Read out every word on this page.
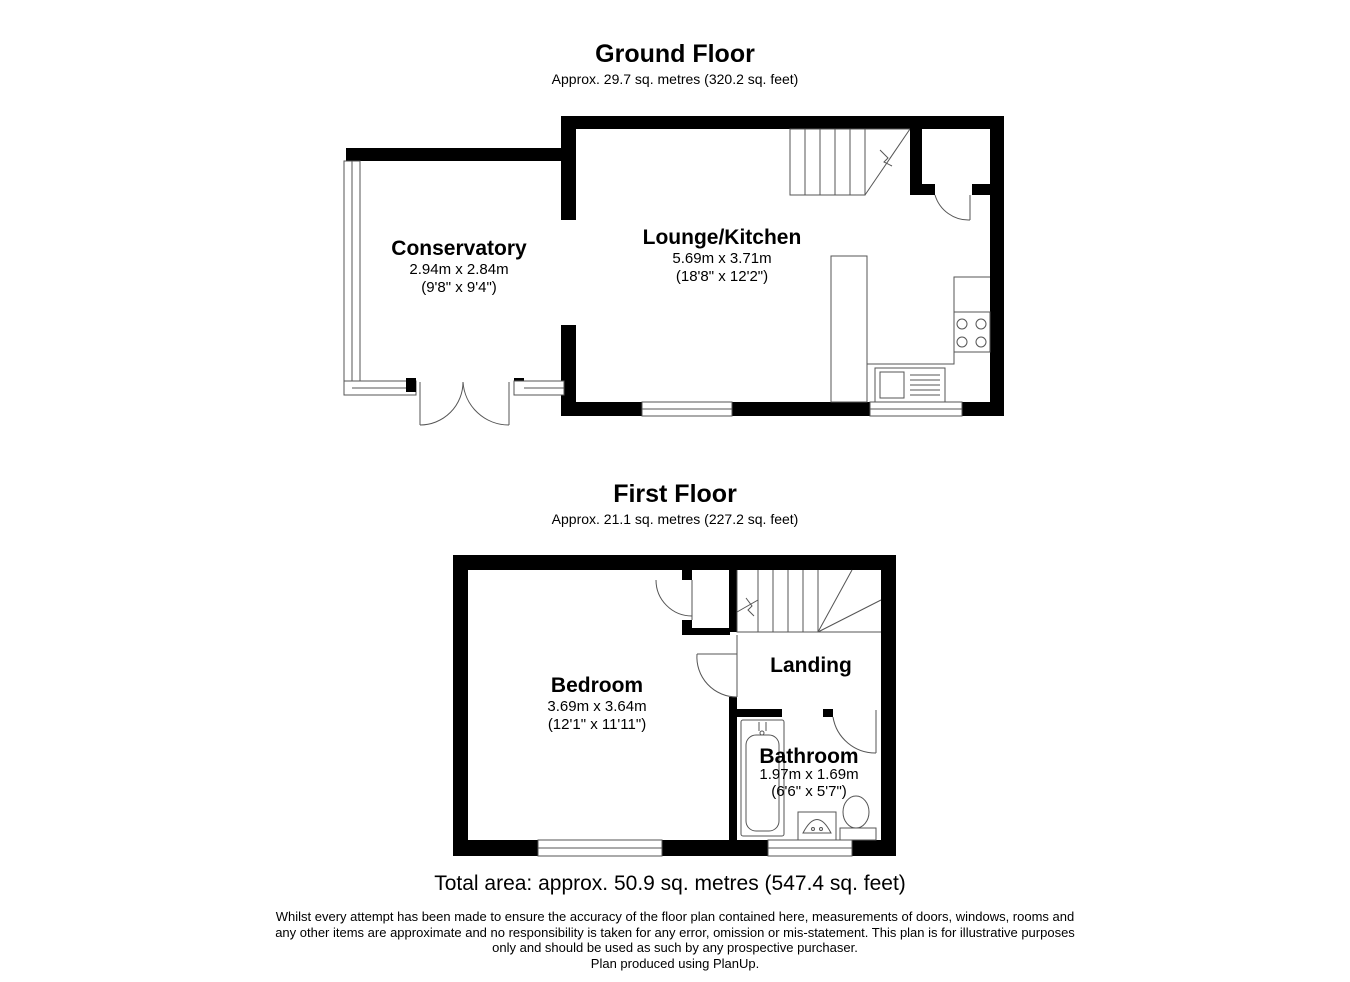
Ground Floor
Approx. 29.7 sq. metres (320.2 sq. feet)
First Floor
Approx. 21.1 sq. metres (227.2 sq. feet)
Conservatory
2.94m x 2.84m
(9'8" x 9'4")
Lounge/Kitchen
5.69m x 3.71m
(18'8" x 12'2")
Bedroom
3.69m x 3.64m
(12'1" x 11'11")
Landing
Bathroom
1.97m x 1.69m
(6'6" x 5'7")
Total area: approx. 50.9 sq. metres (547.4 sq. feet)
Whilst every attempt has been made to ensure the accuracy of the floor plan contained here, measurements of doors, windows, rooms and
any other items are approximate and no responsibility is taken for any error, omission or mis-statement. This plan is for illustrative purposes
only and should be used as such by any prospective purchaser.
Plan produced using PlanUp.
